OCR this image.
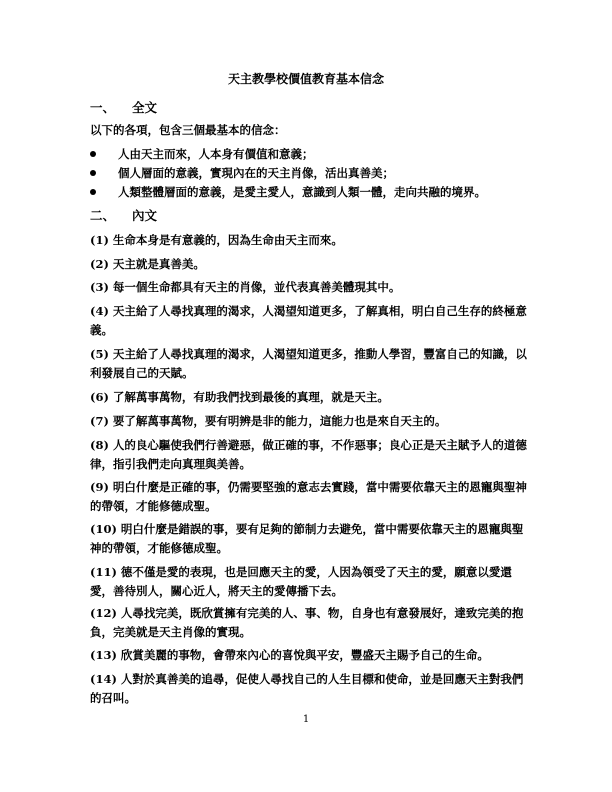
天主教學校價值教育基本信念
一、 全文
以下的各項，包含三個最基本的信念：
人由天主而來，人本身有價值和意義；
個人層面的意義，實現內在的天主肖像，活出真善美；
人類整體層面的意義，是愛主愛人，意識到人類一體，走向共融的境界。
二、 內文
(1) 生命本身是有意義的，因為生命由天主而來。
(2) 天主就是真善美。
(3) 每一個生命都具有天主的肖像，並代表真善美體現其中。
(4) 天主給了人尋找真理的渴求，人渴望知道更多，了解真相，明白自己生存的終極意義。
(5) 天主給了人尋找真理的渴求，人渴望知道更多，推動人學習，豐富自己的知識，以利發展自己的天賦。
(6) 了解萬事萬物，有助我們找到最後的真理，就是天主。
(7) 要了解萬事萬物，要有明辨是非的能力，這能力也是來自天主的。
(8) 人的良心驅使我們行善避惡，做正確的事，不作惡事；良心正是天主賦予人的道德律，指引我們走向真理與美善。
(9) 明白什麼是正確的事，仍需要堅強的意志去實踐，當中需要依靠天主的恩寵與聖神的帶領，才能修德成聖。
(10) 明白什麼是錯誤的事，要有足夠的節制力去避免，當中需要依靠天主的恩寵與聖神的帶領，才能修德成聖。
(11) 德不僅是愛的表現，也是回應天主的愛，人因為領受了天主的愛，願意以愛還愛，善待別人，關心近人，將天主的愛傳播下去。
(12) 人尋找完美，既欣賞擁有完美的人、事、物，自身也有意發展好，達致完美的抱負，完美就是天主肖像的實現。
(13) 欣賞美麗的事物，會帶來內心的喜悅與平安，豐盛天主賜予自己的生命。
(14) 人對於真善美的追尋，促使人尋找自己的人生目標和使命，並是回應天主對我們的召叫。
1
